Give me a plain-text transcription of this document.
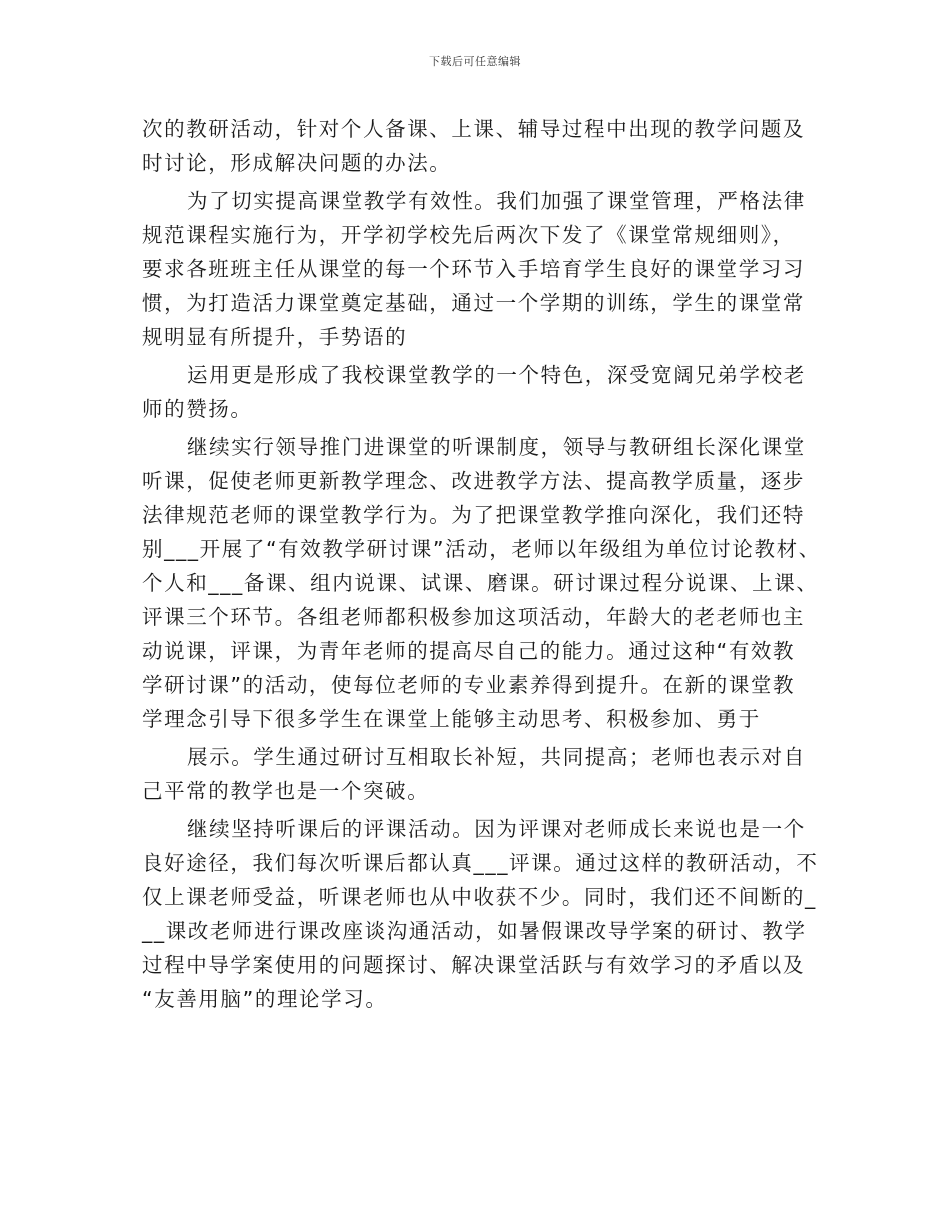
下载后可任意编辑
次的教研活动，针对个人备课、上课、辅导过程中出现的教学问题及
时讨论，形成解决问题的办法。
为了切实提高课堂教学有效性。我们加强了课堂管理，严格法律
规范课程实施行为，开学初学校先后两次下发了《课堂常规细则》，
要求各班班主任从课堂的每一个环节入手培育学生良好的课堂学习习
惯，为打造活力课堂奠定基础，通过一个学期的训练，学生的课堂常
规明显有所提升，手势语的
运用更是形成了我校课堂教学的一个特色，深受宽阔兄弟学校老
师的赞扬。
继续实行领导推门进课堂的听课制度，领导与教研组长深化课堂
听课，促使老师更新教学理念、改进教学方法、提高教学质量，逐步
法律规范老师的课堂教学行为。为了把课堂教学推向深化，我们还特
别___开展了“有效教学研讨课”活动，老师以年级组为单位讨论教材、
个人和___备课、组内说课、试课、磨课。研讨课过程分说课、上课、
评课三个环节。各组老师都积极参加这项活动，年龄大的老老师也主
动说课，评课，为青年老师的提高尽自己的能力。通过这种“有效教
学研讨课”的活动，使每位老师的专业素养得到提升。在新的课堂教
学理念引导下很多学生在课堂上能够主动思考、积极参加、勇于
展示。学生通过研讨互相取长补短，共同提高；老师也表示对自
己平常的教学也是一个突破。
继续坚持听课后的评课活动。因为评课对老师成长来说也是一个
良好途径，我们每次听课后都认真___评课。通过这样的教研活动，不
仅上课老师受益，听课老师也从中收获不少。同时，我们还不间断的_
__课改老师进行课改座谈沟通活动，如暑假课改导学案的研讨、教学
过程中导学案使用的问题探讨、解决课堂活跃与有效学习的矛盾以及
“友善用脑”的理论学习。
